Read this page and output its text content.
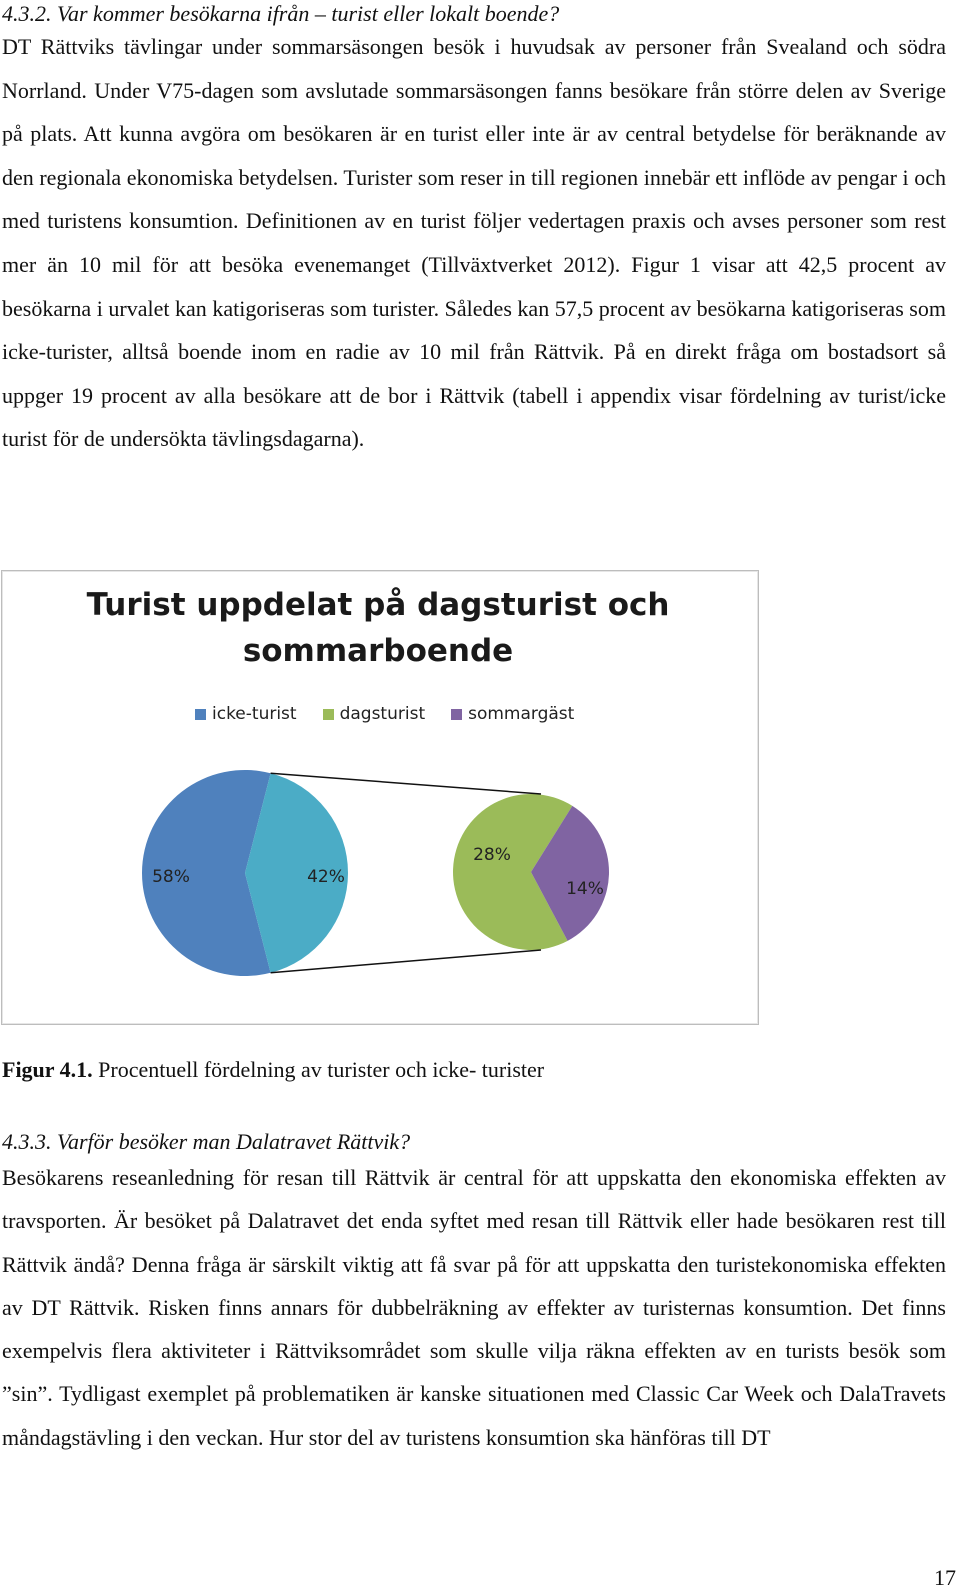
4.3.2. Var kommer besökarna ifrån – turist eller lokalt boende?

DT Rättviks tävlingar under sommarsäsongen besök i huvudsak av personer från Svealand och södra Norrland. Under V75-dagen som avslutade sommarsäsongen fanns besökare från större delen av Sverige på plats. Att kunna avgöra om besökaren är en turist eller inte är av central betydelse för beräknande av den regionala ekonomiska betydelsen. Turister som reser in till regionen innebär ett inflöde av pengar i och med turistens konsumtion. Definitionen av en turist följer vedertagen praxis och avses personer som rest mer än 10 mil för att besöka evenemanget (Tillväxtverket 2012). Figur 1 visar att 42,5 procent av besökarna i urvalet kan katigoriseras som turister. Således kan 57,5 procent av besökarna katigoriseras som icke-turister, alltså boende inom en radie av 10 mil från Rättvik. På en direkt fråga om bostadsort så uppger 19 procent av alla besökare att de bor i Rättvik (tabell i appendix visar fördelning av turist/icke turist för de undersökta tävlingsdagarna).

Turist uppdelat på dagsturist och sommarboende
icke-turist	dagsturist	sommargäst
58%	42%
28%
14%
Figur 4.1. Procentuell fördelning av turister och icke- turister
4.3.3. Varför besöker man Dalatravet Rättvik?

Besökarens reseanledning för resan till Rättvik är central för att uppskatta den ekonomiska effekten av travsporten. Är besöket på Dalatravet det enda syftet med resan till Rättvik eller hade besökaren rest till Rättvik ändå? Denna fråga är särskilt viktig att få svar på för att uppskatta den turistekonomiska effekten av DT Rättvik. Risken finns annars för dubbelräkning av effekter av turisternas konsumtion. Det finns exempelvis flera aktiviteter i Rättviksområdet som skulle vilja räkna effekten av en turists besök som ”sin”. Tydligast exemplet på problematiken är kanske situationen med Classic Car Week och DalaTravets måndagstävling i den veckan. Hur stor del av turistens konsumtion ska hänföras till DT

17
